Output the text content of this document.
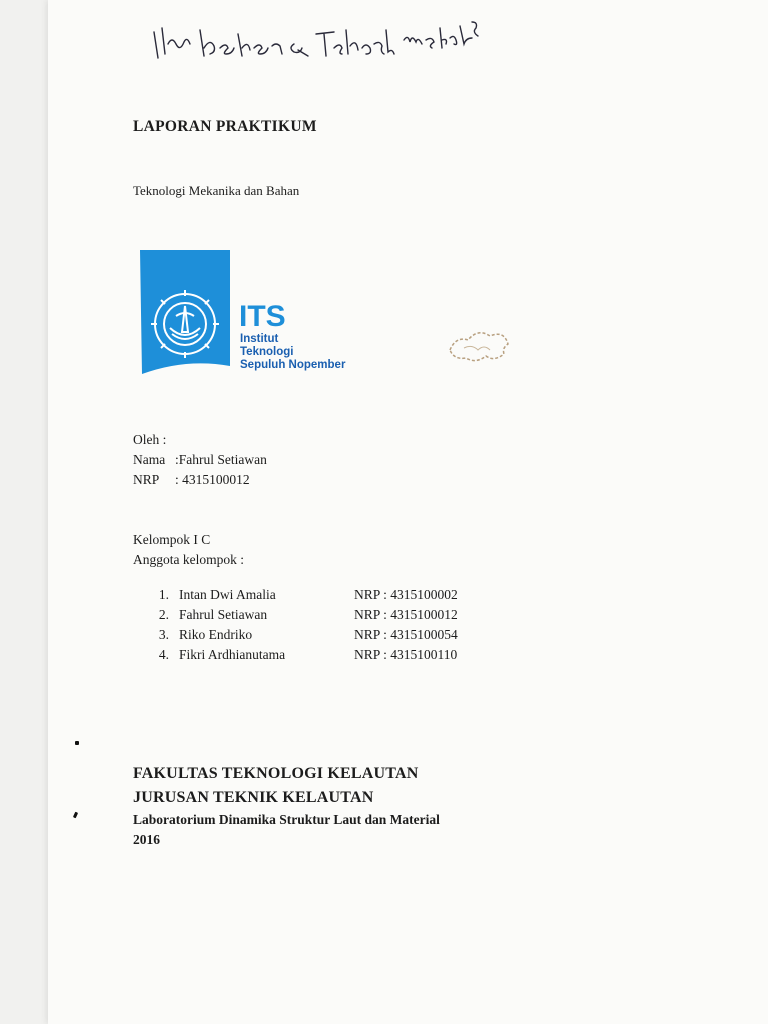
LAPORAN PRAKTIKUM
Teknologi Mekanika dan Bahan
ITS
Institut
Teknologi
Sepuluh Nopember
Oleh :
Nama :Fahrul Setiawan
NRP : 4315100012
Kelompok I C
Anggota kelompok :
1. Intan Dwi Amalia	NRP : 4315100002
2. Fahrul Setiawan	NRP : 4315100012
3. Riko Endriko	NRP : 4315100054
4. Fikri Ardhianutama	NRP : 4315100110
FAKULTAS TEKNOLOGI KELAUTAN
JURUSAN TEKNIK KELAUTAN
Laboratorium Dinamika Struktur Laut dan Material
2016
